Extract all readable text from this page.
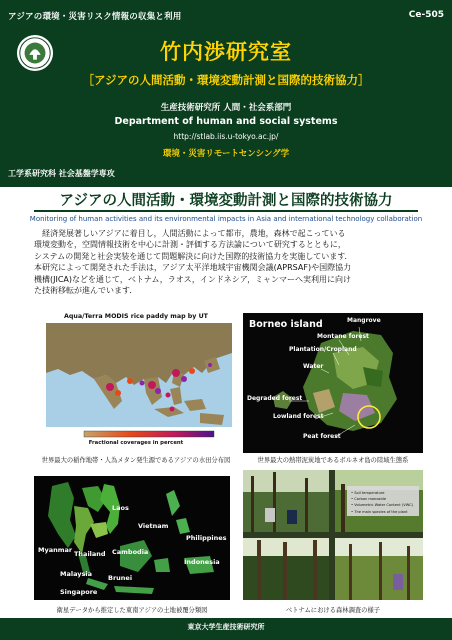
アジアの環境・災害リスク情報の収集と利用	Ce-505
竹内渉研究室
［アジアの人間活動・環境変動計測と国際的技術協力］
生産技術研究所 人間・社会系部門
Department of human and social systems
http://stlab.iis.u-tokyo.ac.jp/
環境・災害リモートセンシング学
工学系研究科 社会基盤学専攻
アジアの人間活動・環境変動計測と国際的技術協力
Monitoring of human activities and its environmental impacts in Asia and international technology collaboration
　経済発展著しいアジアに着目し，人間活動によって都市，農地，森林で起こっている
環境変動を，空間情報技術を中心に計測・評価する方法論について研究するとともに，
システムの開発と社会実装を通じて問題解決に向けた国際的技術協力を実施しています．
本研究によって開発された手法は，アジア太平洋地域宇宙機関会議(APRSAF)や国際協力
機構(JICA)などを通じて，ベトナム，ラオス，インドネシア，ミャンマーへ実利用に向け
た技術移転が進んでいます．
Aqua/Terra MODIS rice paddy map by UT
Fractional coverages in percent
世界最大の稲作地帯・人為メタン発生源であるアジアの水田分布図
Borneo island	Mangrove
Montane forest
Plantation/Cropland
Water
Degraded forest
Lowland forest
Peat forest
世界最大の熱帯泥炭地であるボルネオ島の陸域生態系
Laos
Vietnam
Philippines
Myanmar Thailand Cambodia
Malaysia
Indonesia
Brunei
Singapore
衛星データから推定した東南アジアの土地被覆分類図
• Soil temperature
• Carbon monoxide
• Volumetric Water Content (VWC)
• The main species of the plant
ベトナムにおける森林調査の様子
東京大学生産技術研究所
